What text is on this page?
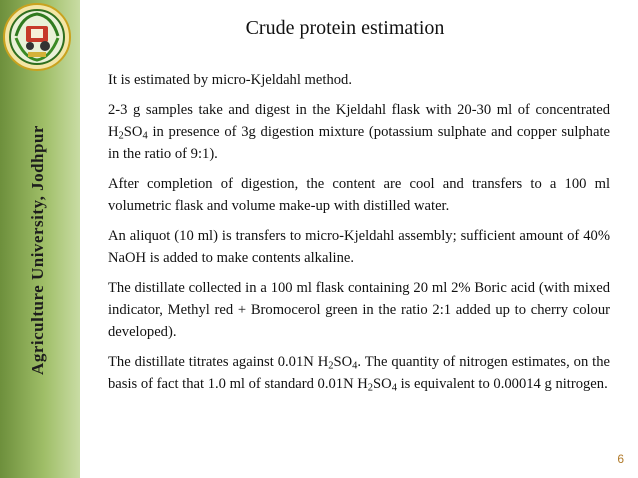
Agriculture University, Jodhpur
Crude protein estimation

It is estimated by micro-Kjeldahl method.

2-3 g samples take and digest in the Kjeldahl flask with 20-30 ml of concentrated $H_2SO_4$ in presence of 3g digestion mixture (potassium sulphate and copper sulphate in the ratio of 9:1).

After completion of digestion, the content are cool and transfers to a 100 ml volumetric flask and volume make-up with distilled water.

An aliquot (10 ml) is transfers to micro-Kjeldahl assembly; sufficient amount of 40% NaOH is added to make contents alkaline.

The distillate collected in a 100 ml flask containing 20 ml 2% Boric acid (with mixed indicator, Methyl red + Bromocerol green in the ratio 2:1 added up to cherry colour developed).

The distillate titrates against 0.01N $H_2SO_4$. The quantity of nitrogen estimates, on the basis of fact that 1.0 ml of standard 0.01N $H_2SO_4$ is equivalent to 0.00014 g nitrogen.

6
